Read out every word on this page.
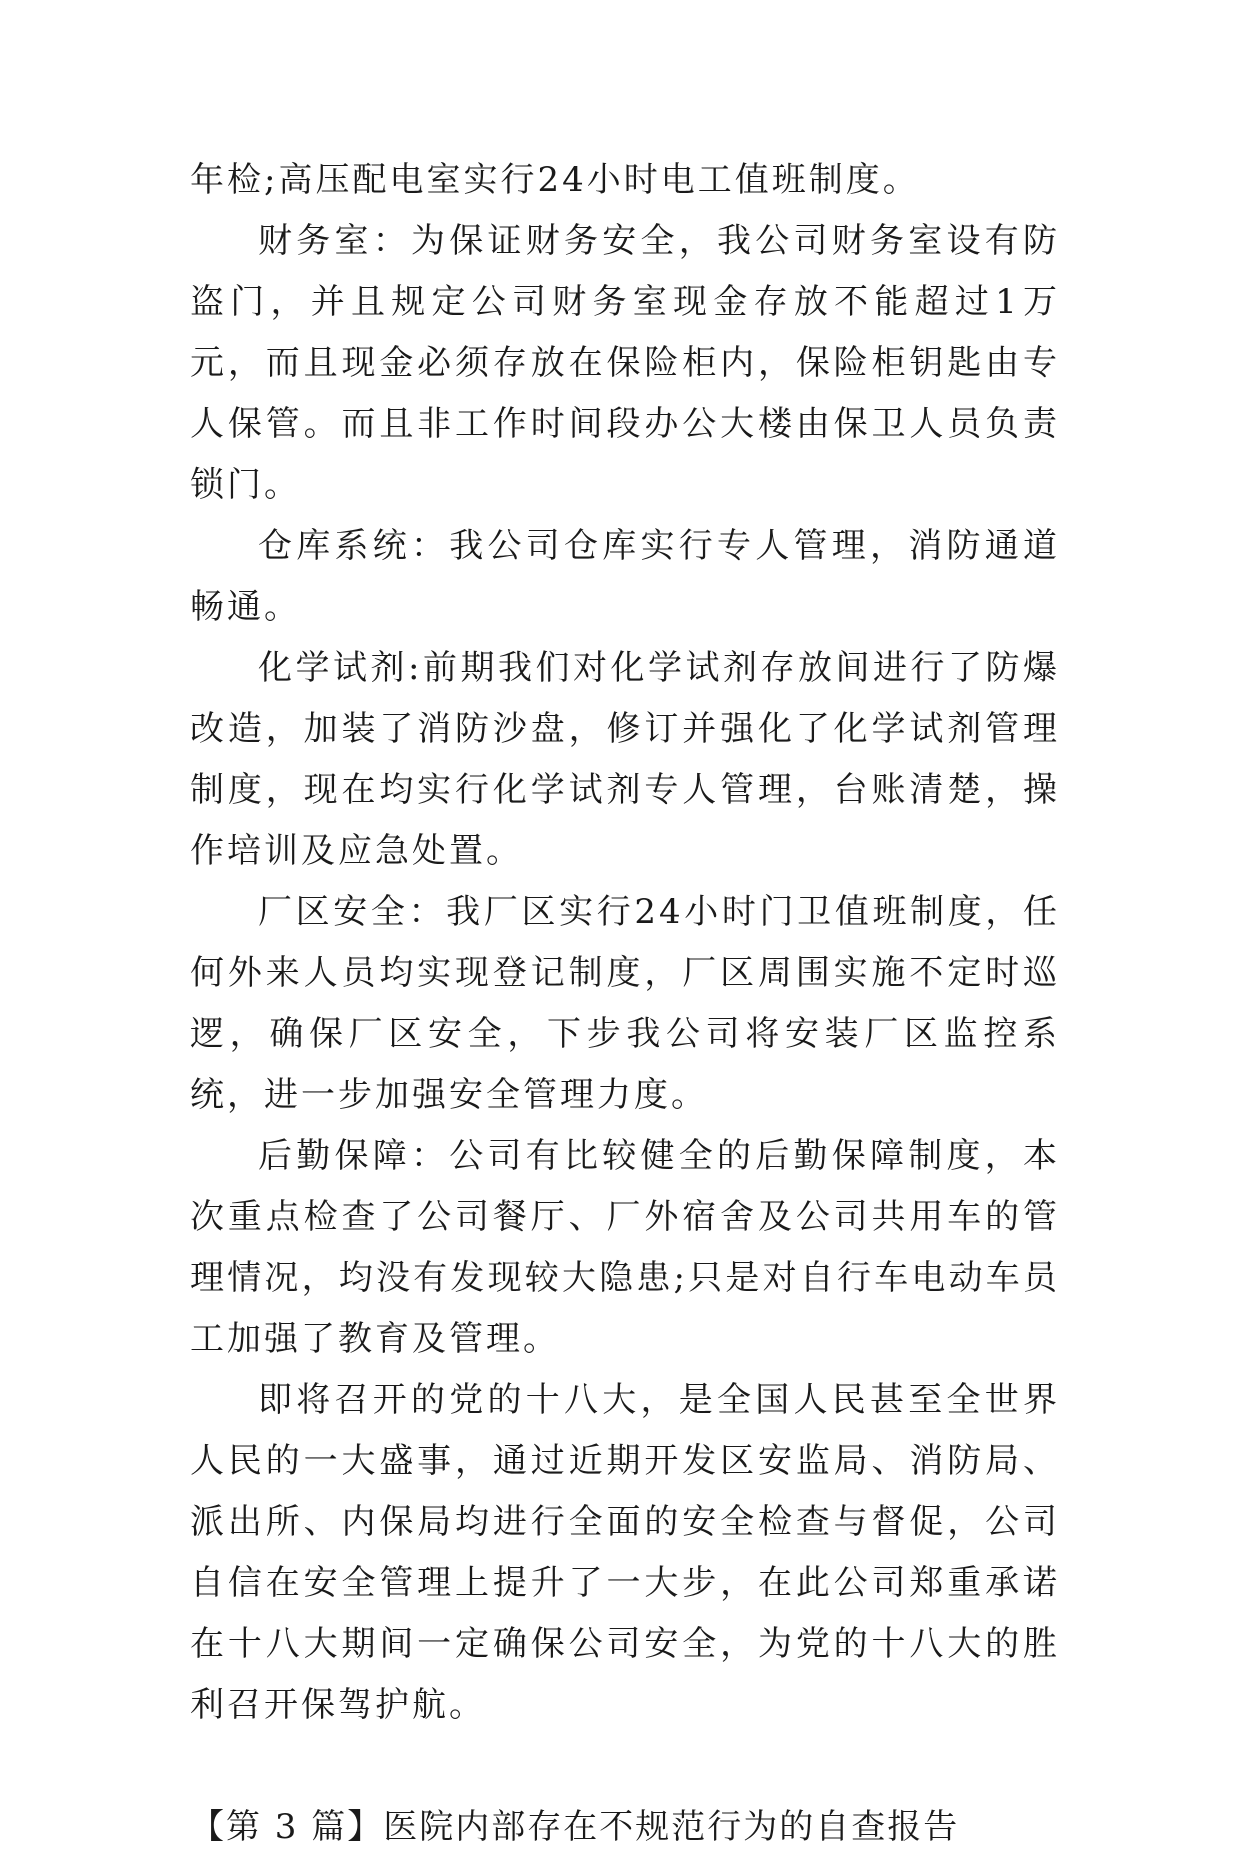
年检;高压配电室实行24小时电工值班制度。

财务室：为保证财务安全，我公司财务室设有防盗门，并且规定公司财务室现金存放不能超过1万元，而且现金必须存放在保险柜内，保险柜钥匙由专人保管。而且非工作时间段办公大楼由保卫人员负责锁门。

仓库系统：我公司仓库实行专人管理，消防通道畅通。

化学试剂:前期我们对化学试剂存放间进行了防爆改造，加装了消防沙盘，修订并强化了化学试剂管理制度，现在均实行化学试剂专人管理，台账清楚，操作培训及应急处置。

厂区安全：我厂区实行24小时门卫值班制度，任何外来人员均实现登记制度，厂区周围实施不定时巡逻，确保厂区安全，下步我公司将安装厂区监控系统，进一步加强安全管理力度。

后勤保障：公司有比较健全的后勤保障制度，本次重点检查了公司餐厅、厂外宿舍及公司共用车的管理情况，均没有发现较大隐患;只是对自行车电动车员工加强了教育及管理。

即将召开的党的十八大，是全国人民甚至全世界人民的一大盛事，通过近期开发区安监局、消防局、派出所、内保局均进行全面的安全检查与督促，公司自信在安全管理上提升了一大步，在此公司郑重承诺在十八大期间一定确保公司安全，为党的十八大的胜利召开保驾护航。

【第 3 篇】医院内部存在不规范行为的自查报告
